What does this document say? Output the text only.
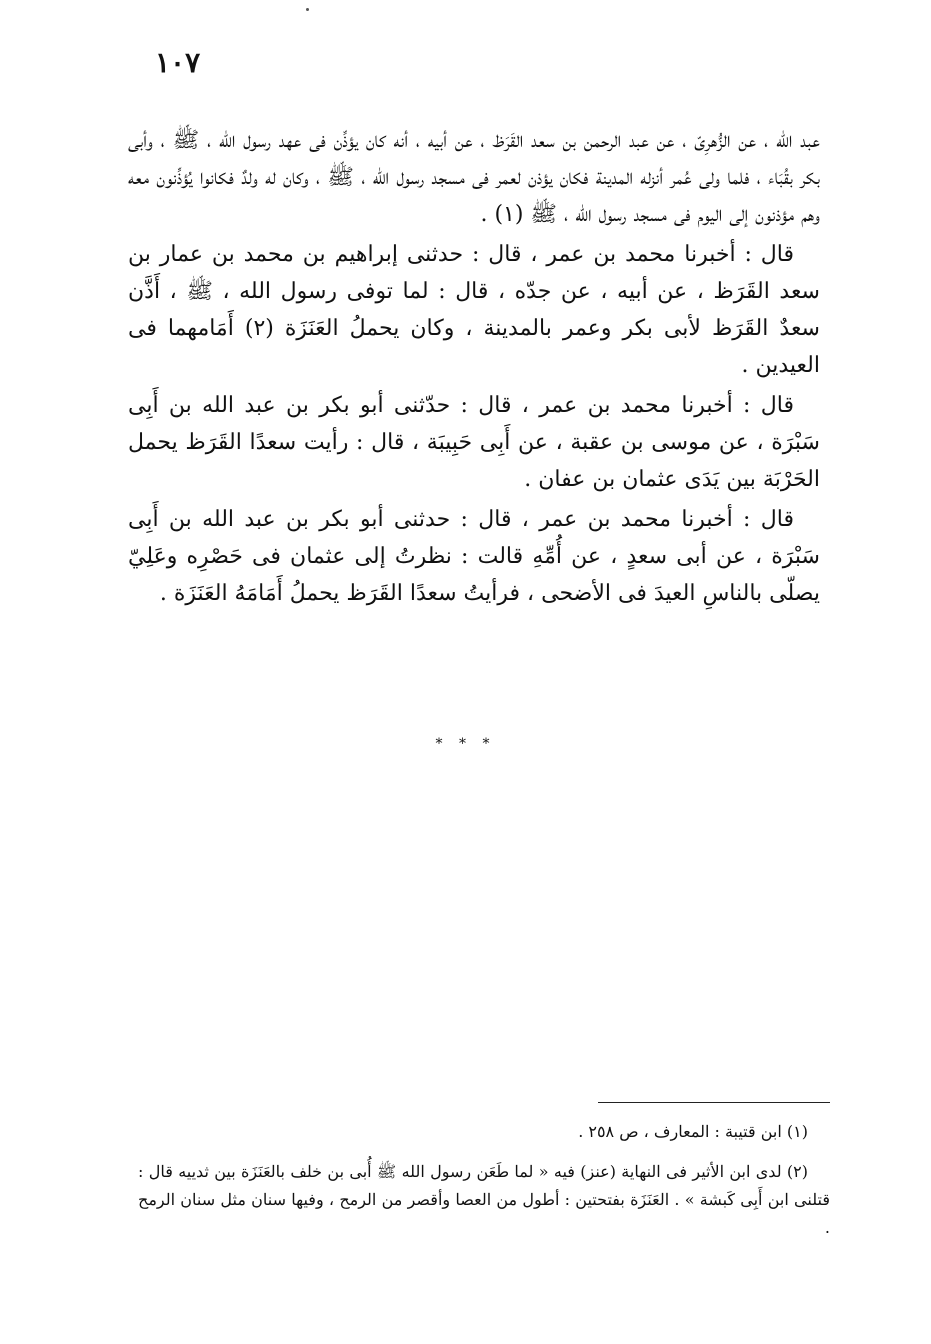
١٠٧

عبد الله ، عن الزُّهرِىّ ، عن عبد الرحمن بن سعد القَرَظ ، عن أبيه ، أنه كان يؤذِّن فى عهد رسول الله ، ﷺ ، وأبى بكر بقُبَاء ، فلما ولى عُمر أنزله المدينة فكان يؤذن لعمر فى مسجد رسول الله ، ﷺ ، وكان له ولدٌ فكانوا يُؤذِّنون معه وهم مؤذنون إلى اليوم فى مسجد رسول الله ، ﷺ (١) .

قال : أخبرنا محمد بن عمر ، قال : حدثنى إبراهيم بن محمد بن عمار بن سعد القَرَظ ، عن أبيه ، عن جدّه ، قال : لما توفى رسول الله ، ﷺ ، أَذَّن سعدٌ القَرَظ لأبى بكر وعمر بالمدينة ، وكان يحملُ العَنَزَة (٢) أَمَامهما فى العيدين .

قال : أخبرنا محمد بن عمر ، قال : حدّثنى أبو بكر بن عبد الله بن أَبِى سَبْرَة ، عن موسى بن عقبة ، عن أَبِى حَبِيبَة ، قال : رأيت سعدًا القَرَظ يحمل الحَرْبَة بين يَدَى عثمان بن عفان .

قال : أخبرنا محمد بن عمر ، قال : حدثنى أبو بكر بن عبد الله بن أَبِى سَبْرَة ، عن أبى سعدٍ ، عن أُمِّهِ قالت : نظرتُ إلى عثمان فى حَصْرِه وعَلِيّ يصلّى بالناسِ العيدَ فى الأضحى ، فرأيتُ سعدًا القَرَظ يحملُ أَمَامَهُ العَنَزَة .

* * *

(١) ابن قتيبة : المعارف ، ص ٢٥٨ .

(٢) لدى ابن الأثير فى النهاية (عنز) فيه « لما طَعَن رسول الله ﷺ أُبى بن خلف بالعَنَزَة بين ثدييه قال : قتلنى ابن أَبِى كَبشة » . العَنَزَة بفتحتين : أطول من العصا وأقصر من الرمح ، وفيها سنان مثل سنان الرمح .
